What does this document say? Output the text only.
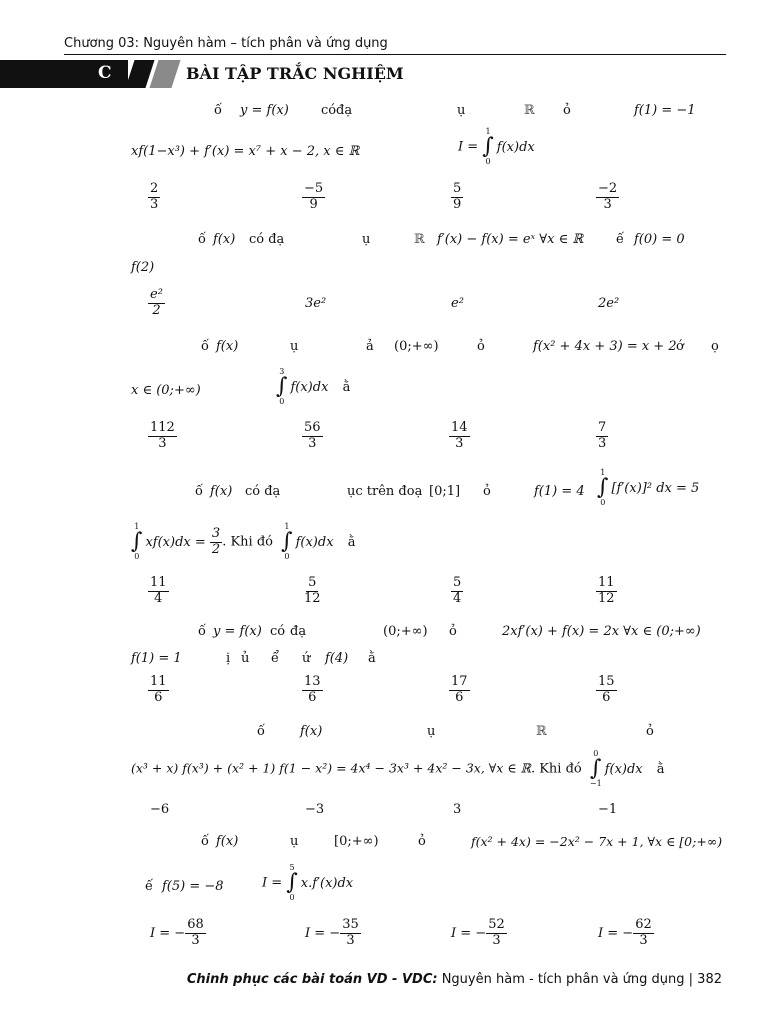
Chương 03: Nguyên hàm – tích phân và ứng dụng
C	BÀI TẬP TRẮC NGHIỆM
ố y = f(x) có đạ	ụ	ℝ ỏ	f(1) = −1
xf(1−x³) + f′(x) = x⁷ + x − 2, x ∈ ℝ	I =
1
∫
0
f(x)dx
$\frac{2}{3}$	$\frac{-5}{9}$	$\frac{5}{9}$	$\frac{-2}{3}$
ố f(x) có đạ	ụ	ℝ f′(x) − f(x) = eˣ ∀x ∈ ℝ	ế f(0) = 0
f(2)
$\frac{\text{e²}}{2}$	3e²	e²	2e²
ố f(x)	ụ	ả (0;+∞)	ỏ	f(x² + 4x + 3) = x + 2 ớ ọ
x ∈ (0;+∞)
3
∫
0
f(x)dx ằ
$\frac{112}{3}$	$\frac{56}{3}$	$\frac{14}{3}$	$\frac{7}{3}$
ố f(x) có đạ	ục trên đoạ [0;1] ỏ	f(1) = 4
1
∫
0
[f′(x)]² dx = 5
1
∫
0
xf(x)dx =
$\frac{3}{2}$ . Khi đó
1
∫
0
f(x)dx ằ
$\frac{11}{4}$	$\frac{5}{12}$	$\frac{5}{4}$	$\frac{11}{12}$
ố y = f(x) có đạ	(0;+∞) ỏ	2xf′(x) + f(x) = 2x ∀x ∈ (0;+∞)
f(1) = 1	ị ủ ể ứ f(4) ằ
$\frac{11}{6}$	$\frac{13}{6}$	$\frac{17}{6}$	$\frac{15}{6}$
ố	f(x)	ụ	ℝ	ỏ
(x³ + x) f(x³) + (x² + 1) f(1 − x²) = 4x⁴ − 3x³ + 4x² − 3x, ∀x ∈ ℝ. Khi đó
0
∫
−1
f(x)dx ằ
−6	−3	3	−1
ố f(x)	ụ	[0;+∞)	ỏ	f(x² + 4x) = −2x² − 7x + 1, ∀x ∈ [0;+∞)
ế f(5) = −8	I =
5
∫
0
x.f′(x)dx
I = − $\frac{68}{3}$	I = − $\frac{35}{3}$	I = − $\frac{52}{3}$	I = − $\frac{62}{3}$
Chinh phục các bài toán VD - VDC: Nguyên hàm - tích phân và ứng dụng | 382
